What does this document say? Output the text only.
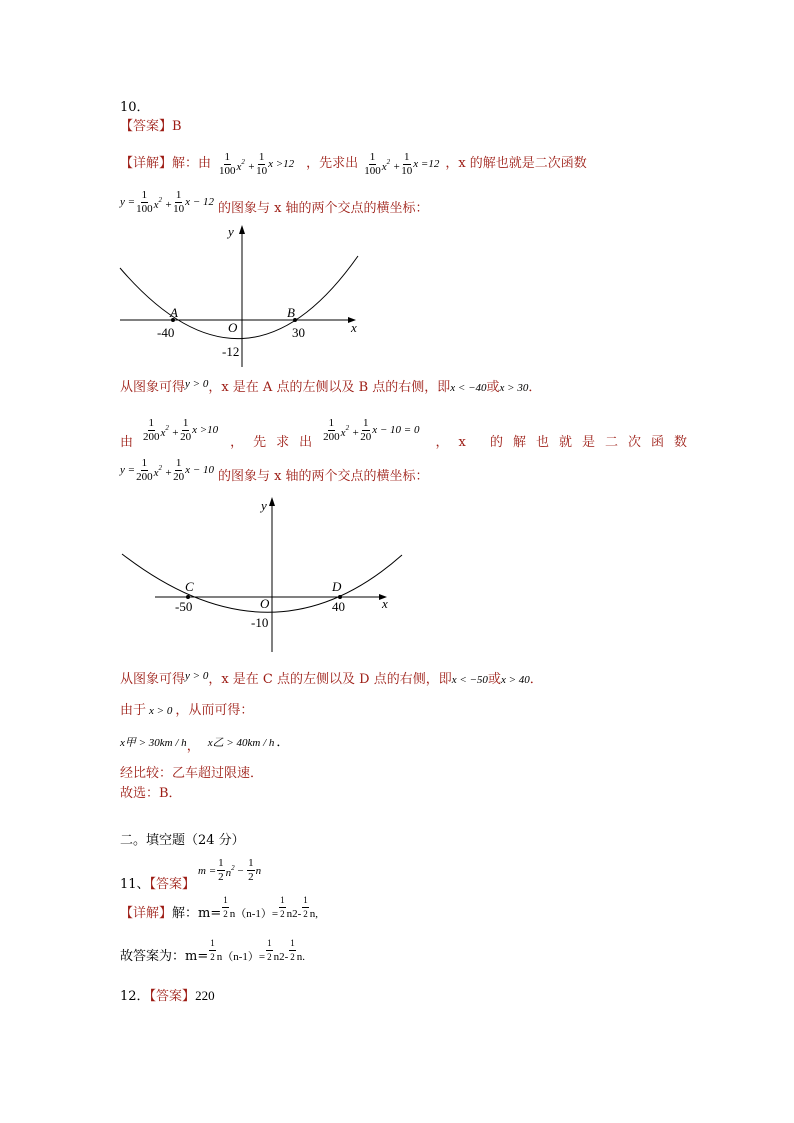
10．
【答案】B
【详解】 解：由 $\frac{1}{100} x^2 + \frac{1}{10}$ x >12 ，先求出 $\frac{1}{100} x^2 + \frac{1}{10}$ x =12 ，x 的解也就是二次函数
$y = \frac{1}{100} x^2 + \frac{1}{10}$ x − 12 的图象与 x 轴的两个交点的横坐标：
y
x
A	B
O
-40	30
-12
从图象可得 y > 0 ，x 是在 A 点的左侧以及 B 点的右侧，即 x < −40 或 x > 30 ．
由 $\frac{1}{200} x^2 + \frac{1}{20}$ x >10
，先求出 $\frac{1}{200} x^2 + \frac{1}{20}$ x − 10 = 0
，x 的解也就是二次函数
$y = \frac{1}{200} x^2 + \frac{1}{20}$ x − 10 的图象与 x 轴的两个交点的横坐标：
y
x
C	D
O
-50	40
-10
从图象可得 y > 0 ，x 是在 C 点的左侧以及 D 点的右侧，即 x < −50 或 x > 40 ．
由于 x > 0 ，从而可得：
x甲 > 30km / h ， x乙 > 40km / h ．
经比较：乙车超过限速．
故选：B．
二。填空题（24 分）
11、【答案】
$m = \frac{1}{2} n^2 - \frac{1}{2}$ n
【详解】 解：$m= \frac{1}{2} n(n-1)= \frac{1}{2} n2- \frac{1}{2} n$,
故答案为：$m= \frac{1}{2} n(n-1)= \frac{1}{2} n2- \frac{1}{2} n$.
12．【答案】220
